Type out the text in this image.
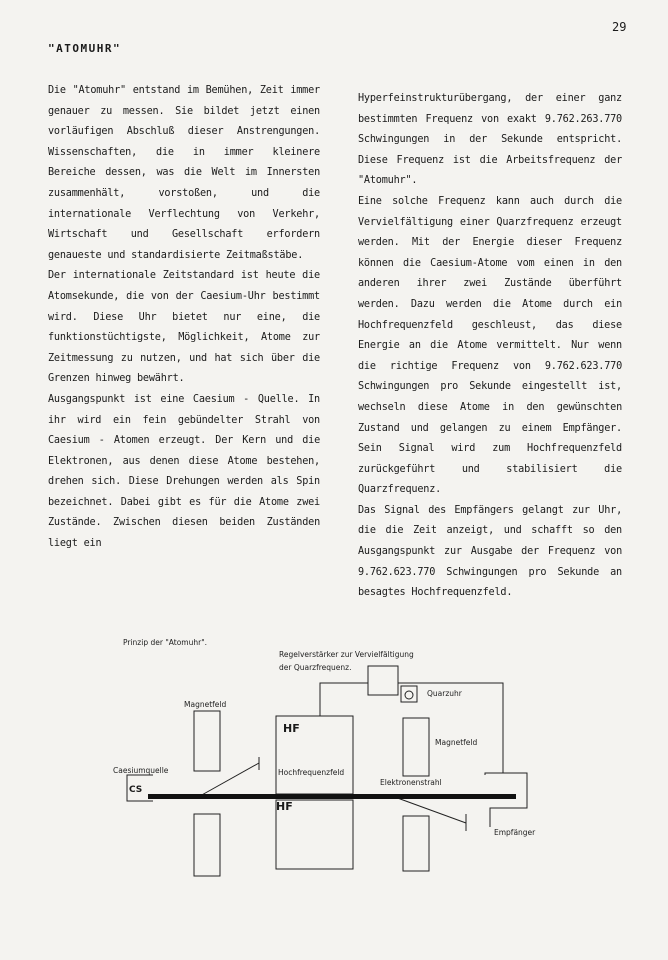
29
"ATOMUHR"

Die "Atomuhr" entstand im Bemühen, Zeit immer genauer zu messen. Sie bildet jetzt einen vorläufigen Abschluß dieser Anstrengungen. Wissenschaften, die in immer kleinere Bereiche dessen, was die Welt im Innersten zusammenhält, vorstoßen, und die internationale Verflechtung von Verkehr, Wirtschaft und Gesellschaft erfordern genaueste und standardisierte Zeitmaßstäbe.

Der internationale Zeitstandard ist heute die Atomsekunde, die von der Caesium-Uhr bestimmt wird. Diese Uhr bietet nur eine, die funktionstüchtigste, Möglichkeit, Atome zur Zeitmessung zu nutzen, und hat sich über die Grenzen hinweg bewährt.

Ausgangspunkt ist eine Caesium - Quelle. In ihr wird ein fein gebündelter Strahl von Caesium - Atomen erzeugt. Der Kern und die Elektronen, aus denen diese Atome bestehen, drehen sich. Diese Drehungen werden als Spin bezeichnet. Dabei gibt es für die Atome zwei Zustände. Zwischen diesen beiden Zuständen liegt ein

Hyperfeinstrukturübergang, der einer ganz bestimmten Frequenz von exakt 9.762.263.770 Schwingungen in der Sekunde entspricht. Diese Frequenz ist die Arbeitsfrequenz der "Atomuhr".

Eine solche Frequenz kann auch durch die Vervielfältigung einer Quarzfrequenz erzeugt werden. Mit der Energie dieser Frequenz können die Caesium-Atome vom einen in den anderen ihrer zwei Zustände überführt werden. Dazu werden die Atome durch ein Hochfrequenzfeld geschleust, das diese Energie an die Atome vermittelt. Nur wenn die richtige Frequenz von 9.762.623.770 Schwingungen pro Sekunde eingestellt ist, wechseln diese Atome in den gewünschten Zustand und gelangen zu einem Empfänger. Sein Signal wird zum Hochfrequenzfeld zurückgeführt und stabilisiert die Quarzfrequenz.

Das Signal des Empfängers gelangt zur Uhr, die die Zeit anzeigt, und schafft so den Ausgangspunkt zur Ausgabe der Frequenz von 9.762.623.770 Schwingungen pro Sekunde an besagtes Hochfrequenzfeld.

Prinzip der "Atomuhr".
Regelverstärker zur Vervielfältigung
der Quarzfrequenz.
Quarzuhr
Magnetfeld
Magnetfeld
HF
HF
Hochfrequenzfeld
Caesiumquelle
CS
Elektronenstrahl
Empfänger
